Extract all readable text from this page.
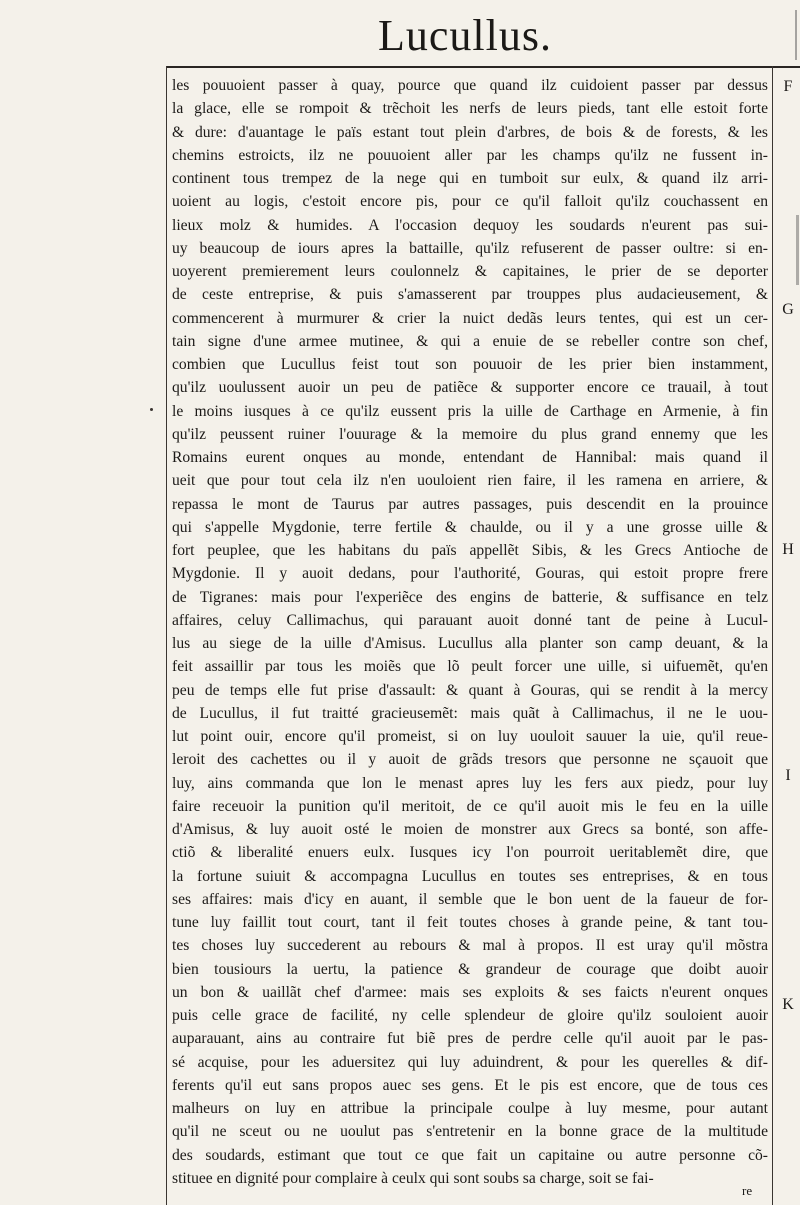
Lucullus.
les pouuoient passer à quay, pource que quand ilz cuidoient passer par dessus
la glace, elle se rompoit & trẽchoit les nerfs de leurs pieds, tant elle estoit forte
& dure: d'auantage le païs estant tout plein d'arbres, de bois & de forests, & les
chemins estroicts, ilz ne pouuoient aller par les champs qu'ilz ne fussent in-
continent tous trempez de la nege qui en tumboit sur eulx, & quand ilz arri-
uoient au logis, c'estoit encore pis, pour ce qu'il falloit qu'ilz couchassent en
lieux molz & humides. A l'occasion dequoy les soudards n'eurent pas sui-
uy beaucoup de iours apres la battaille, qu'ilz refuserent de passer oultre: si en-
uoyerent premierement leurs coulonnelz & capitaines, le prier de se deporter
de ceste entreprise, & puis s'amasserent par trouppes plus audacieusement, &
commencerent à murmurer & crier la nuict dedãs leurs tentes, qui est un cer-
tain signe d'une armee mutinee, & qui a enuie de se rebeller contre son chef,
combien que Lucullus feist tout son pouuoir de les prier bien instamment,
qu'ilz uoulussent auoir un peu de patiẽce & supporter encore ce trauail, à tout
le moins iusques à ce qu'ilz eussent pris la uille de Carthage en Armenie, à fin
qu'ilz peussent ruiner l'ouurage & la memoire du plus grand ennemy que les
Romains eurent onques au monde, entendant de Hannibal: mais quand il
ueit que pour tout cela ilz n'en uouloient rien faire, il les ramena en arriere, &
repassa le mont de Taurus par autres passages, puis descendit en la prouince
qui s'appelle Mygdonie, terre fertile & chaulde, ou il y a une grosse uille &
fort peuplee, que les habitans du païs appellẽt Sibis, & les Grecs Antioche de
Mygdonie. Il y auoit dedans, pour l'authorité, Gouras, qui estoit propre frere
de Tigranes: mais pour l'experiẽce des engins de batterie, & suffisance en telz
affaires, celuy Callimachus, qui parauant auoit donné tant de peine à Lucul-
lus au siege de la uille d'Amisus. Lucullus alla planter son camp deuant, & la
feit assaillir par tous les moiẽs que lõ peult forcer une uille, si uifuemẽt, qu'en
peu de temps elle fut prise d'assault: & quant à Gouras, qui se rendit à la mercy
de Lucullus, il fut traitté gracieusemẽt: mais quãt à Callimachus, il ne le uou-
lut point ouir, encore qu'il promeist, si on luy uouloit sauuer la uie, qu'il reue-
leroit des cachettes ou il y auoit de grãds tresors que personne ne sçauoit que
luy, ains commanda que lon le menast apres luy les fers aux piedz, pour luy
faire receuoir la punition qu'il meritoit, de ce qu'il auoit mis le feu en la uille
d'Amisus, & luy auoit osté le moien de monstrer aux Grecs sa bonté, son affe-
ctiõ & liberalité enuers eulx. Iusques icy l'on pourroit ueritablemẽt dire, que
la fortune suiuit & accompagna Lucullus en toutes ses entreprises, & en tous
ses affaires: mais d'icy en auant, il semble que le bon uent de la faueur de for-
tune luy faillit tout court, tant il feit toutes choses à grande peine, & tant tou-
tes choses luy succederent au rebours & mal à propos. Il est uray qu'il mõstra
bien tousiours la uertu, la patience & grandeur de courage que doibt auoir
un bon & uaillãt chef d'armee: mais ses exploits & ses faicts n'eurent onques
puis celle grace de facilité, ny celle splendeur de gloire qu'ilz souloient auoir
auparauant, ains au contraire fut biẽ pres de perdre celle qu'il auoit par le pas-
sé acquise, pour les aduersitez qui luy aduindrent, & pour les querelles & dif-
ferents qu'il eut sans propos auec ses gens. Et le pis est encore, que de tous ces
malheurs on luy en attribue la principale coulpe à luy mesme, pour autant
qu'il ne sceut ou ne uoulut pas s'entretenir en la bonne grace de la multitude
des soudards, estimant que tout ce que fait un capitaine ou autre personne cõ-
stituee en dignité pour complaire à ceulx qui sont soubs sa charge, soit se fai-
F
G
H
I
K
re
